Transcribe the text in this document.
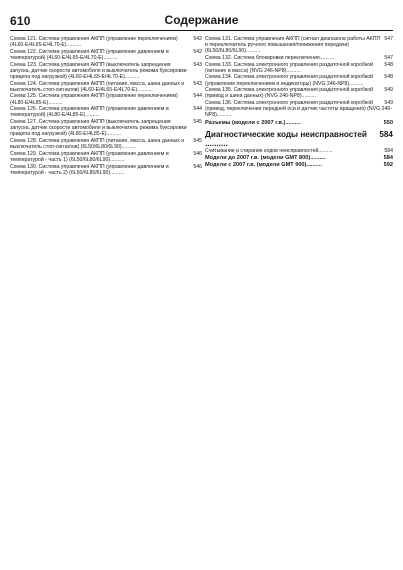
610	Содержание
542
Схема 121. Система управления АКПП (управление переключением) (4L60-E/4L65-E/4L70-E)..........
542
Схема 122. Система управления АКПП (управление давлением и температурой) (4L60-E/4L65-E/4L70-E)..........
543
Схема 123. Система управления АКПП (выключатель запрещения запуска, датчик скорости автомобиля и выключатель режима буксировки прицепа под нагрузкой) (4L60-E/4L65-E/4L70-E)..........
543
Схема 124. Система управления АКПП (питание, масса, шина данных и выключатель стоп-сигналов) (4L60-E/4L65-E/4L70-E)..........
544
Схема 125. Система управления АКПП (управление переключением) (4L80-E/4L85-E)..........
544
Схема 126. Система управления АКПП (управление давлением и температурой) (4L80-E/4L85-E)..........
545
Схема 127. Система управления АКПП (выключатель запрещения запуска, датчик скорости автомобиля и выключатель режима буксировки прицепа под нагрузкой) (4L80-E/4L85-E)..........
545
Схема 128. Система управления АКПП (питание, масса, шина данных и выключатель стоп-сигналов) (6L50/6L80/6L90)..........
546
Схема 129. Система управления АКПП (управление давлением и температурой - часть 1) (6L50/6L80/6L90)..........
546
Схема 130. Система управления АКПП (управление давлением и температурой - часть 2) (6L50/6L80/6L90)..........
547
Схема 131. Система управления АКПП (сигнал диапазона работы АКПП и переключатель ручного повышения/понижения передачи) (6L50/6L80/6L90)..........
547
Схема 132. Система блокировки переключения..........
548
Схема 133. Система электронного управления раздаточной коробкой (питание и масса) (NVG 246-NP8)..........
548
Схема 134. Система электронного управления раздаточной коробкой (управление переключением и индикаторы) (NVG 246-NP8)..........
549
Схема 135. Система электронного управления раздаточной коробкой (привод и шина данных) (NVG 246-NP8)..........
549
Схема 136. Система электронного управления раздаточной коробкой (привод, переключения передней оси и датчик частоты вращения) (NVG 246-NP8)..........
550
Разъемы (модели с 2007 г.в.)..........
584
Диагностические коды неисправностей ..........
584
Считывание и стирание кодов неисправностей..........
584
Модели до 2007 г.в. (модели GMT 800)..........
592
Модели с 2007 г.в. (модели GMT 900)..........
